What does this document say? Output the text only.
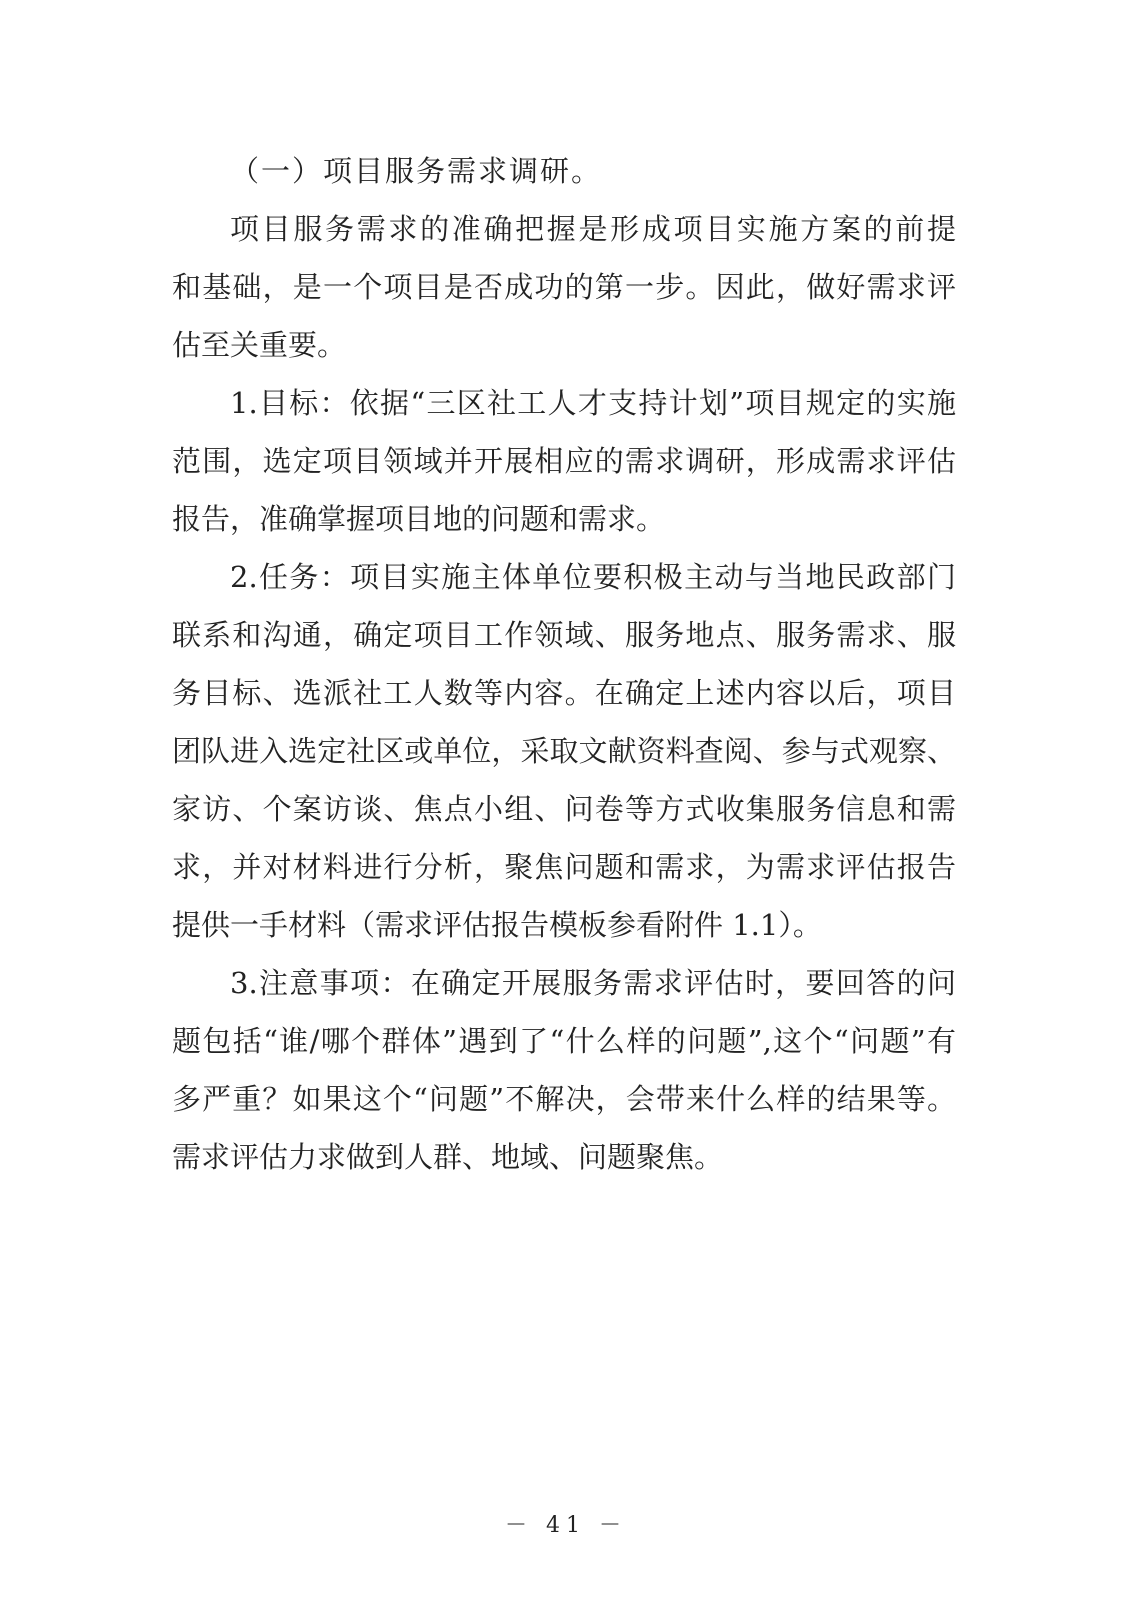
（一）项目服务需求调研。
项目服务需求的准确把握是形成项目实施方案的前提
和基础，是一个项目是否成功的第一步。因此，做好需求评
估至关重要。
1.目标：依据“三区社工人才支持计划”项目规定的实施
范围，选定项目领域并开展相应的需求调研，形成需求评估
报告，准确掌握项目地的问题和需求。
2.任务：项目实施主体单位要积极主动与当地民政部门
联系和沟通，确定项目工作领域、服务地点、服务需求、服
务目标、选派社工人数等内容。在确定上述内容以后，项目
团队进入选定社区或单位，采取文献资料查阅、参与式观察、
家访、个案访谈、焦点小组、问卷等方式收集服务信息和需
求，并对材料进行分析，聚焦问题和需求，为需求评估报告
提供一手材料（需求评估报告模板参看附件 1.1）。
3.注意事项：在确定开展服务需求评估时，要回答的问
题包括“谁/哪个群体”遇到了“什么样的问题”,这个“问题”有
多严重？如果这个“问题”不解决，会带来什么样的结果等。
需求评估力求做到人群、地域、问题聚焦。
－ 41 －
